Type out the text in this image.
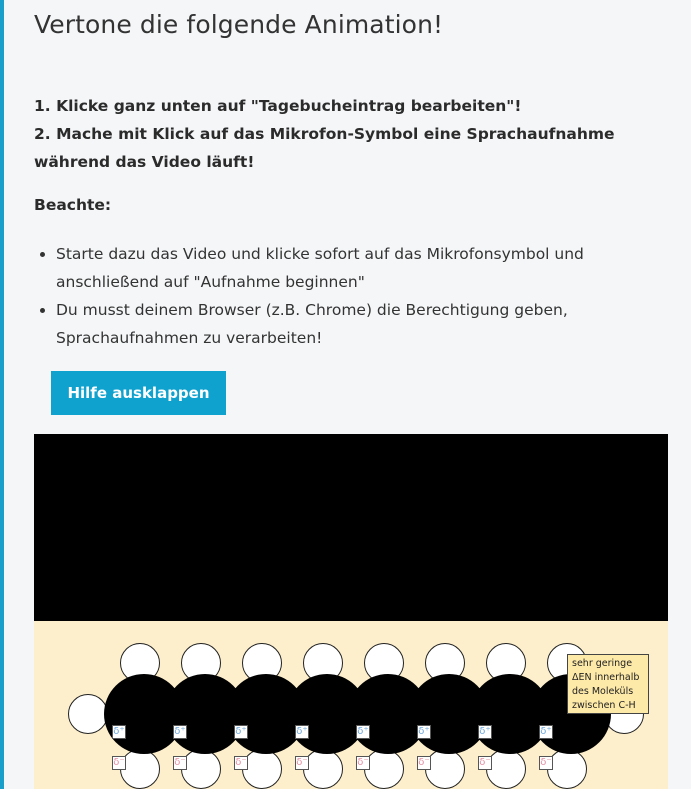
Vertone die folgende Animation!

1. Klicke ganz unten auf "Tagebucheintrag bearbeiten"!

2. Mache mit Klick auf das Mikrofon-Symbol eine Sprachaufnahme während das Video läuft!

Beachte:
• Starte dazu das Video und klicke sofort auf das Mikrofonsymbol und anschließend auf "Aufnahme beginnen"
• Du musst deinem Browser (z.B. Chrome) die Berechtigung geben, Sprachaufnahmen zu verarbeiten!
Hilfe ausklappen
δ⁺
δ⁻
δ⁺
δ⁻
δ⁺
δ⁻
δ⁺
δ⁻
δ⁺
δ⁻
δ⁺
δ⁻
δ⁺
δ⁻
δ⁺
δ⁻
sehr geringe
ΔEN innerhalb
des Moleküls
zwischen C-H
